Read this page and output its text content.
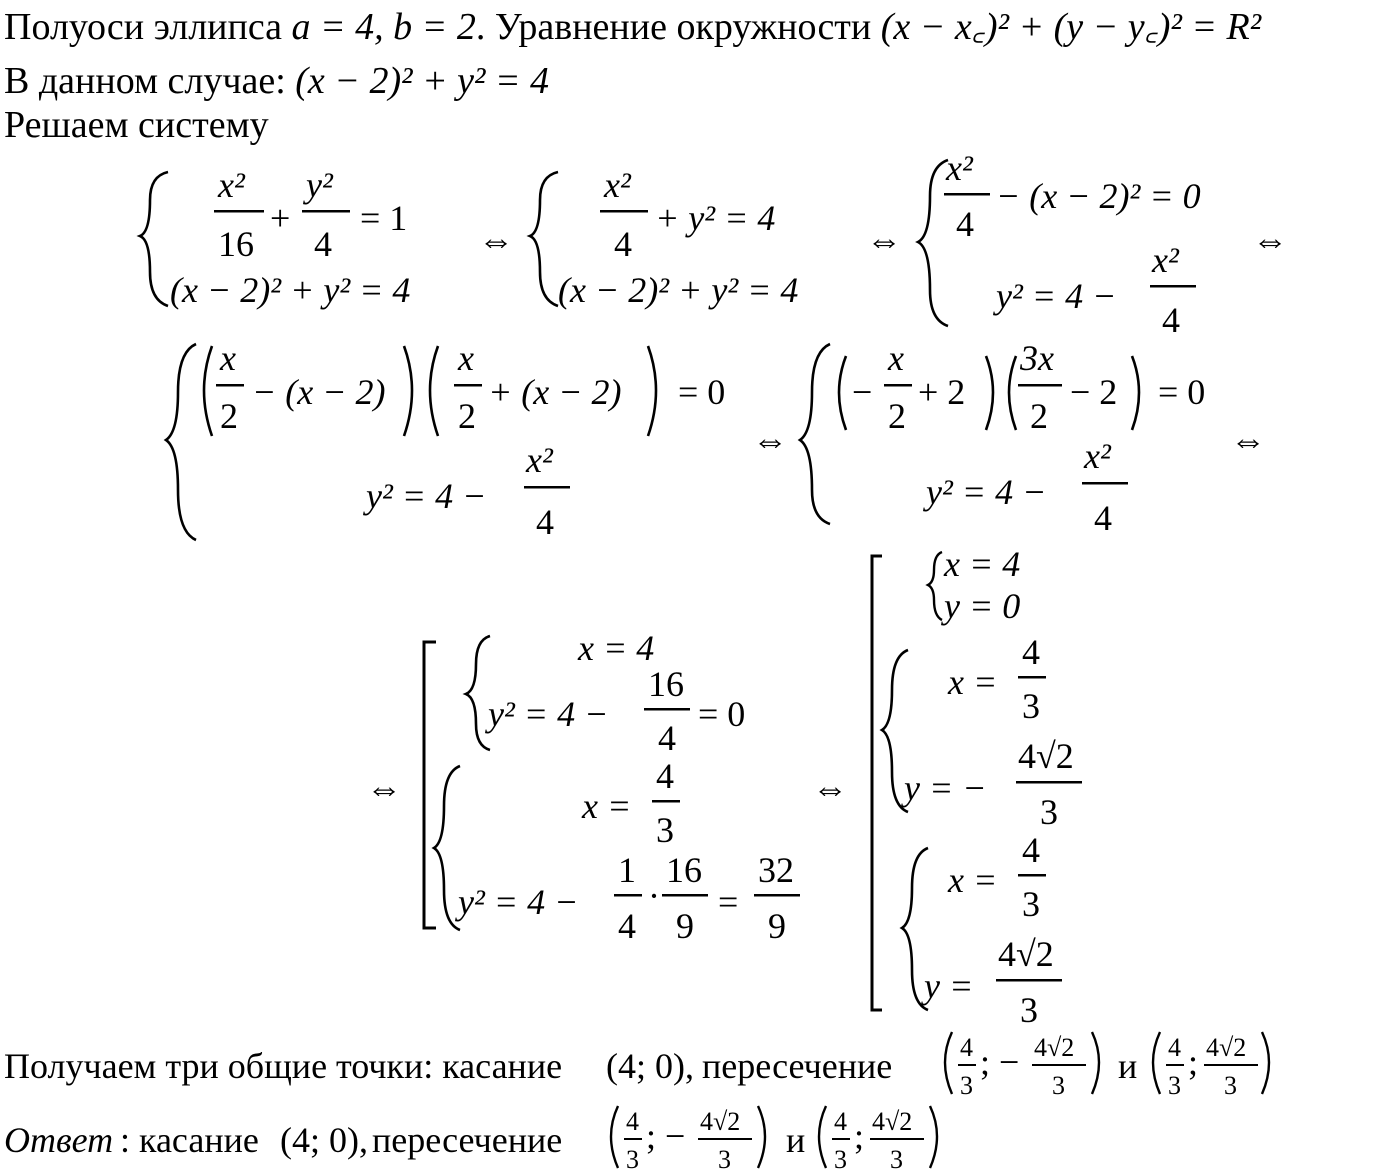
Полуоси эллипса a = 4, b = 2. Уравнение окружности (x − x꜀)² + (y − y꜀)² = R²
В данном случае: (x − 2)² + y² = 4
Решаем систему
x²
16
+
y²
4
= 1
(x − 2)² + y² = 4
⇔
x²
4
+ y² = 4
(x − 2)² + y² = 4
⇔
x²
4
− (x − 2)² = 0
y² = 4 −
x²
4
⇔
x
2
− (x − 2)
x
2
+ (x − 2) = 0
y² = 4 −
x²
4
⇔
−
x
2
+ 2
3x
2
− 2 = 0
y² = 4 −
x²
4
⇔
⇔
x = 4
y² = 4 −
16
4
= 0
x =
4
3
y² = 4 −
1
4
·
16
9
=
32
9
⇔
x = 4
y = 0
x =
4
3
y = −
4√2
3
x =
4
3
y =
4√2
3
Получаем три общие точки: касание (4; 0), пересечение	4
3
; − 4√2
3 и 4
3
; 4√2
3
Ответ : касание (4; 0), пересечение 4
3
; − 4√2
3 и 4
3
; 4√2
3
